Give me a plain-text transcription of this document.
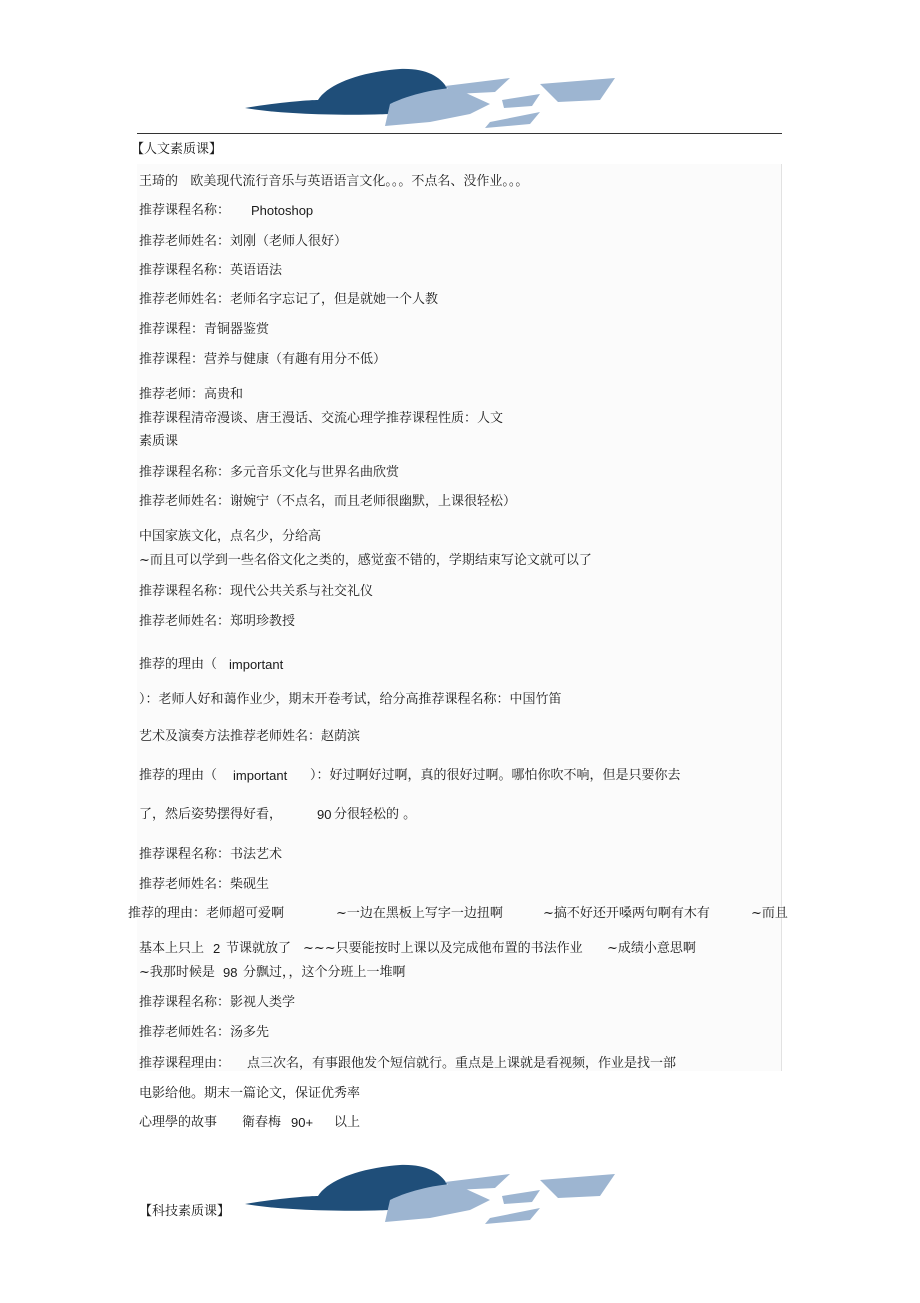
【人文素质课】
王琦的   欧美现代流行音乐与英语语言文化。。。不点名、没作业。。。
推荐课程名称： Photoshop
推荐老师姓名：刘刚（老师人很好）
推荐课程名称：英语语法
推荐老师姓名：老师名字忘记了，但是就她一个人教
推荐课程：青铜器鉴赏
推荐课程：营养与健康（有趣有用分不低）
推荐老师：高贵和
推荐课程清帝漫谈、唐王漫话、交流心理学推荐课程性质：人文
素质课
推荐课程名称：多元音乐文化与世界名曲欣赏
推荐老师姓名：谢婉宁（不点名，而且老师很幽默，上课很轻松）
中国家族文化，点名少，分给高
~而且可以学到一些名俗文化之类的，感觉蛮不错的，学期结束写论文就可以了
推荐课程名称：现代公共关系与社交礼仪
推荐老师姓名：郑明珍教授
推荐的理由（ important
）：老师人好和蔼作业少，期末开卷考试，给分高推荐课程名称：中国竹笛
艺术及演奏方法推荐老师姓名：赵荫滨
推荐的理由（ important ）：好过啊好过啊，真的很好过啊。哪怕你吹不响，但是只要你去
了，然后姿势摆得好看，	90 分很轻松的 。
推荐课程名称：书法艺术
推荐老师姓名：柴砚生
推荐的理由：老师超可爱啊	~一边在黑板上写字一边扭啊	~搞不好还开嗓两句啊有木有	~而且
基本上只上 2 节课就放了 ~~~只要能按时上课以及完成他布置的书法作业 ~成绩小意思啊
~我那时候是 98 分飘过，，这个分班上一堆啊
推荐课程名称：影视人类学
推荐老师姓名：汤多先
推荐课程理由： 点三次名，有事跟他发个短信就行。重点是上课就是看视频，作业是找一部
电影给他。期末一篇论文，保证优秀率
心理學的故事 衛春梅 90+ 以上
【科技素质课】
